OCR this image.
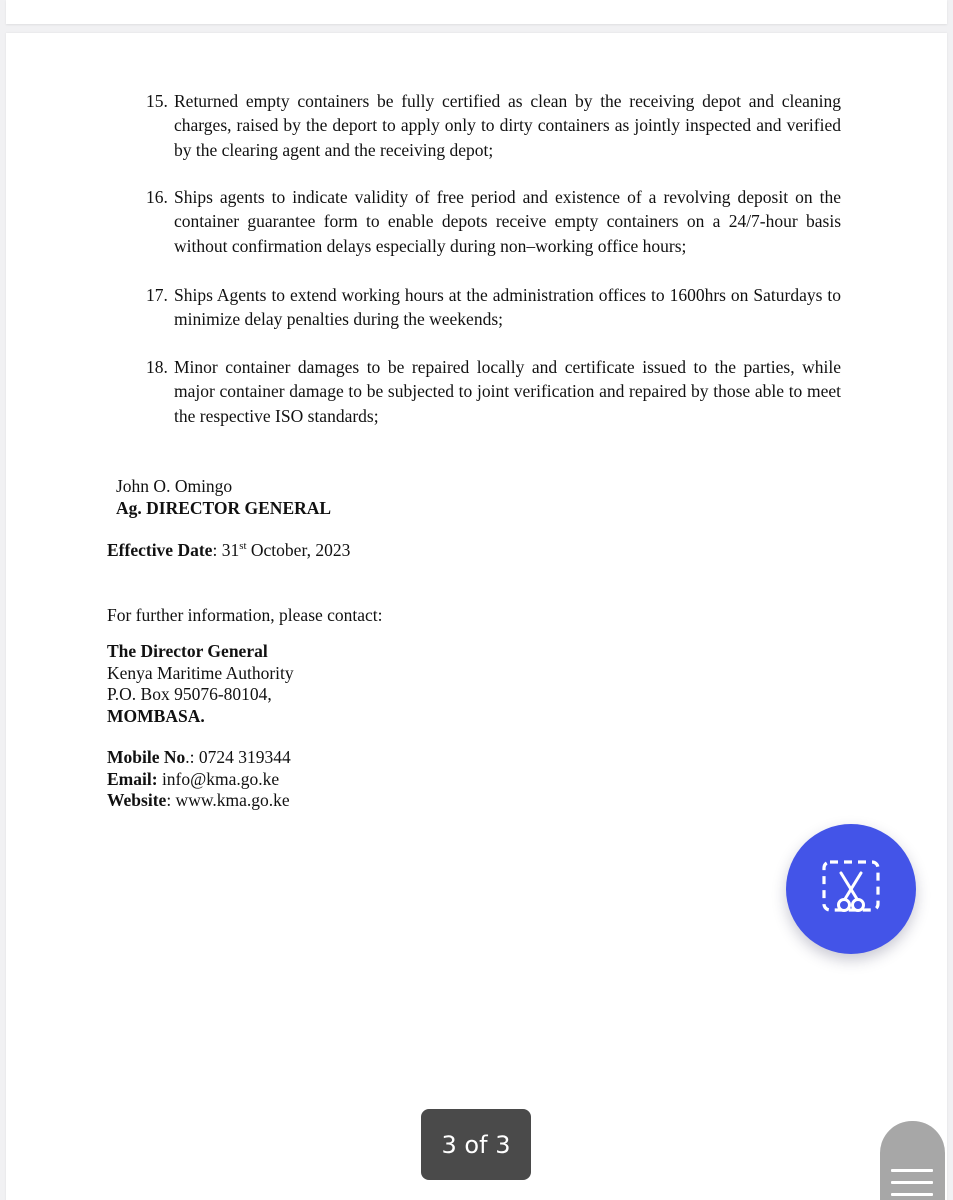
15. Returned empty containers be fully certified as clean by the receiving depot and cleaning charges, raised by the deport to apply only to dirty containers as jointly inspected and verified by the clearing agent and the receiving depot;
16. Ships agents to indicate validity of free period and existence of a revolving deposit on the container guarantee form to enable depots receive empty containers on a 24/7-hour basis without confirmation delays especially during non–working office hours;
17. Ships Agents to extend working hours at the administration offices to 1600hrs on Saturdays to minimize delay penalties during the weekends;
18. Minor container damages to be repaired locally and certificate issued to the parties, while major container damage to be subjected to joint verification and repaired by those able to meet the respective ISO standards;
John O. Omingo
Ag. DIRECTOR GENERAL
Effective Date: 31st October, 2023
For further information, please contact:
The Director General
Kenya Maritime Authority
P.O. Box 95076-80104,
MOMBASA.
Mobile No.: 0724 319344
Email: info@kma.go.ke
Website: www.kma.go.ke
3 of 3
